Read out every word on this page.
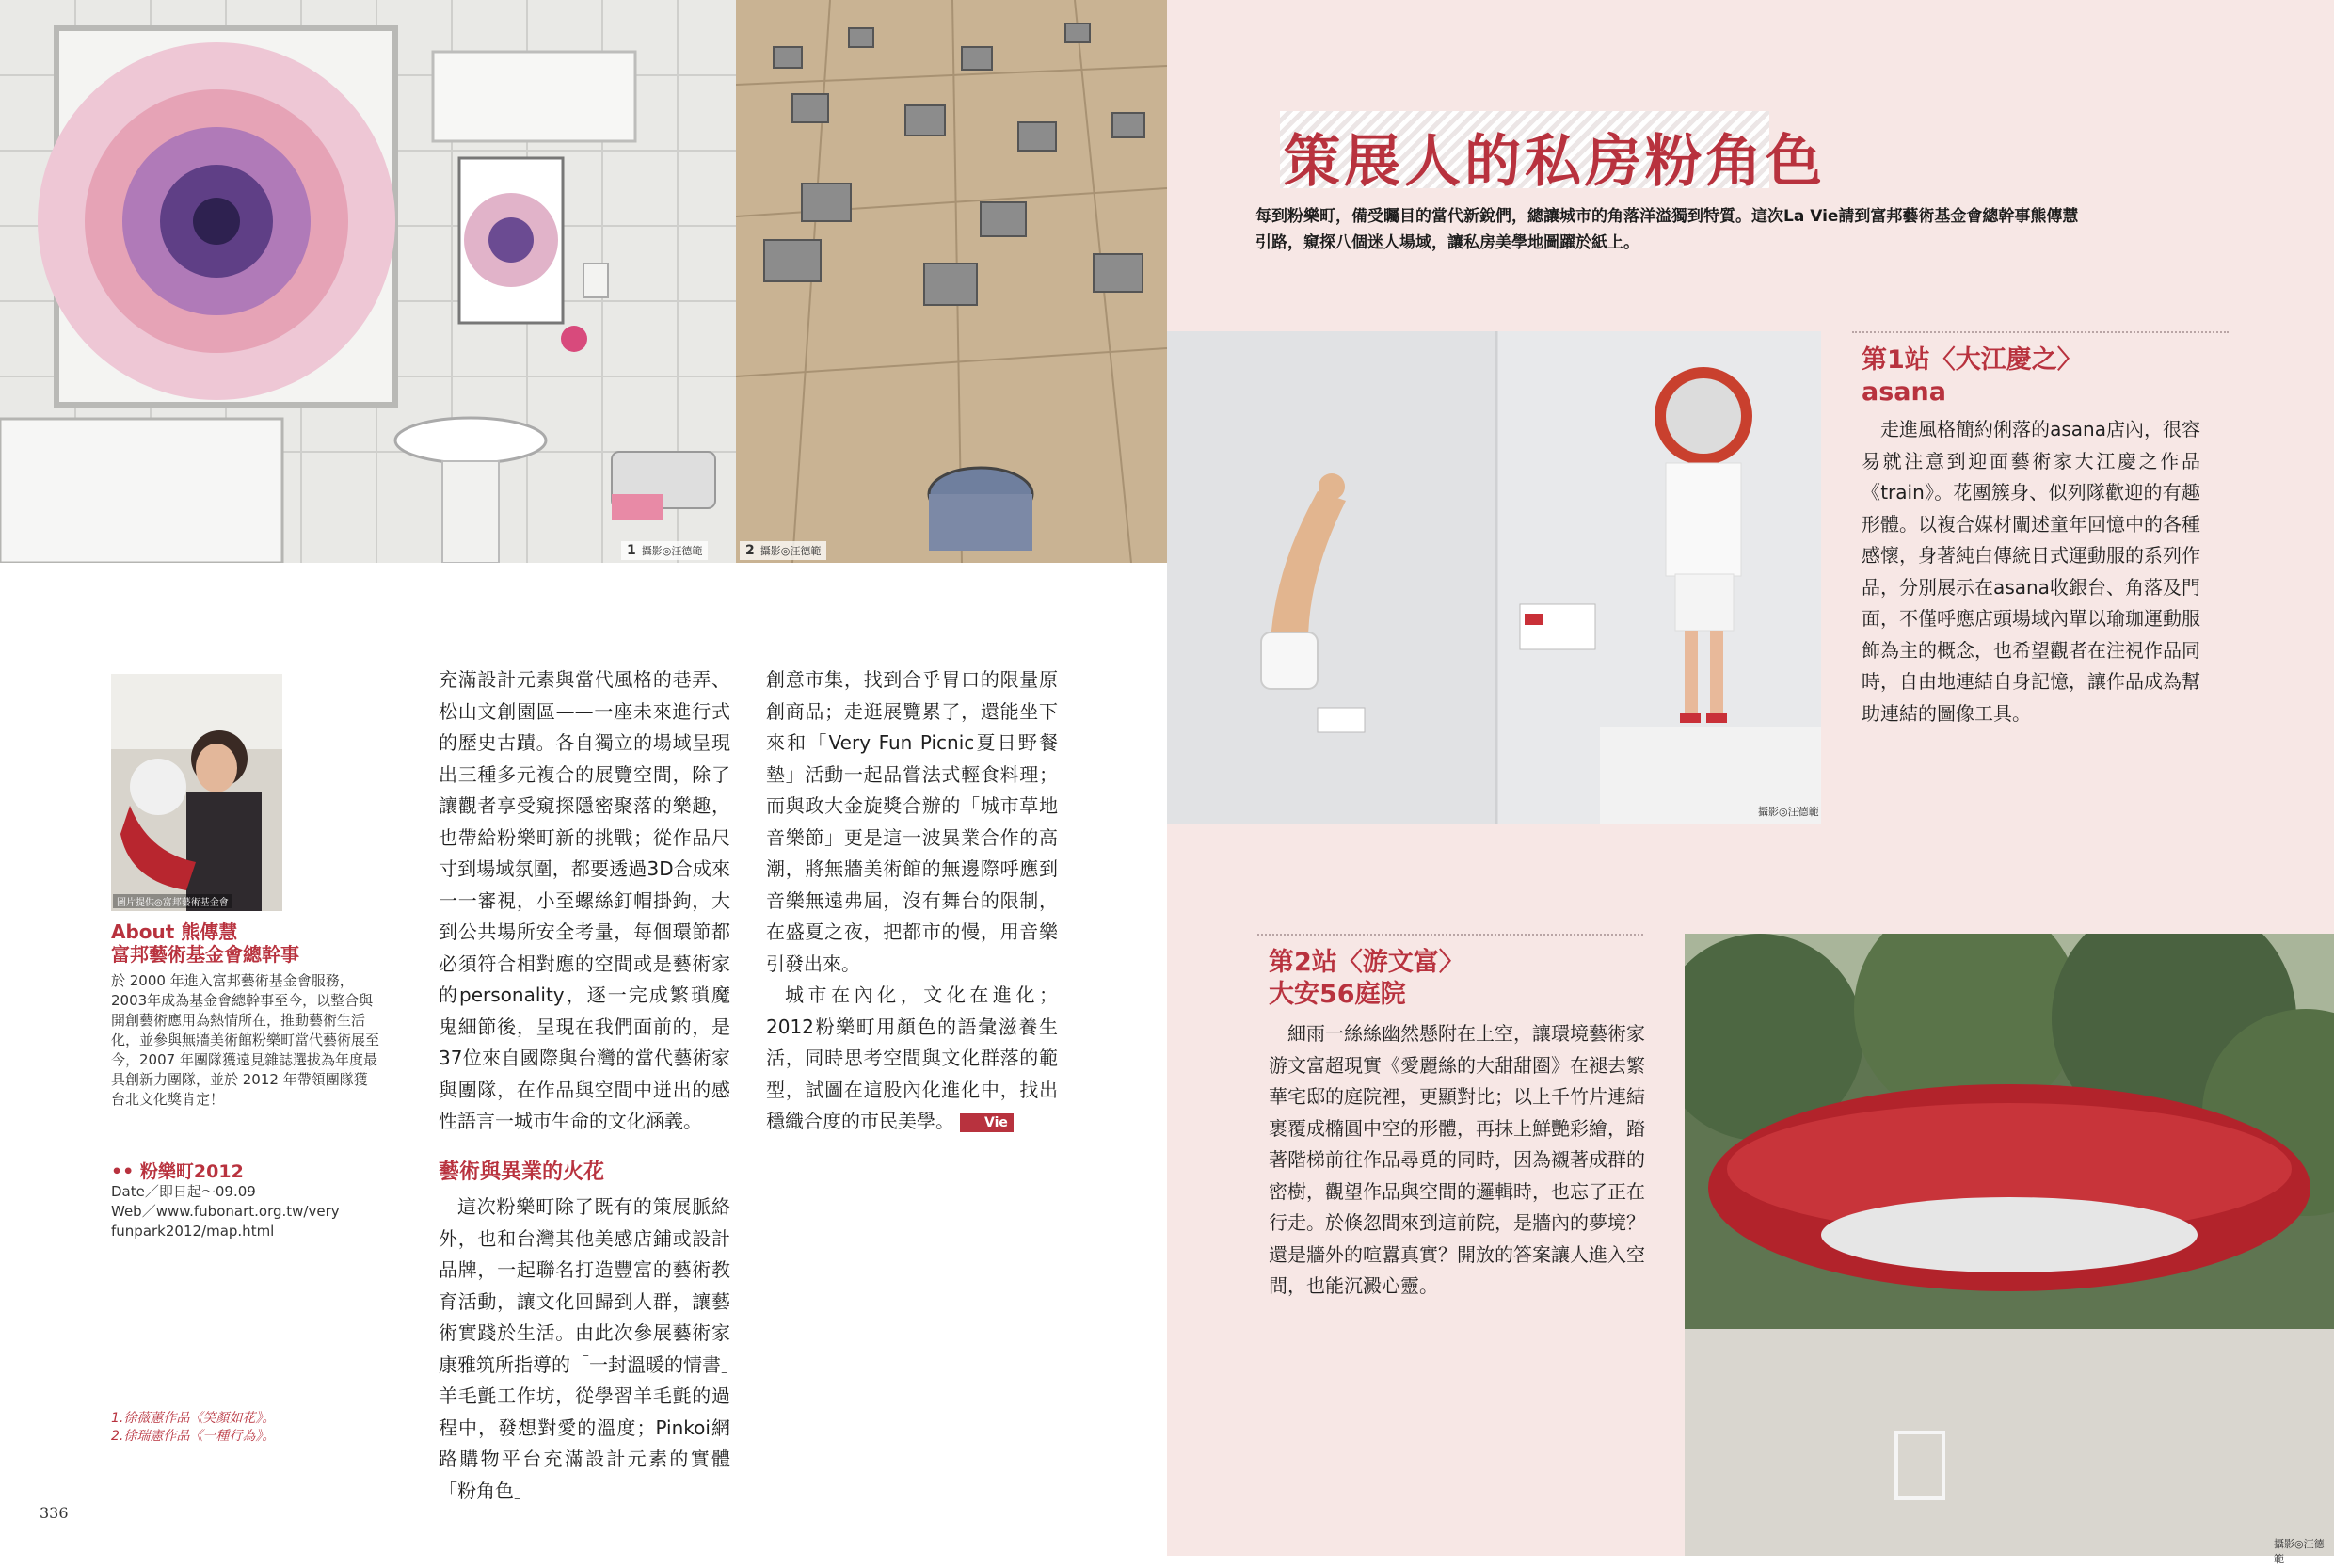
1 攝影◎汪德範	2 攝影◎汪德範
策展人的私房粉角色
每到粉樂町，備受矚目的當代新銳們，總讓城市的角落洋溢獨到特質。這次La Vie請到富邦藝術基金會總幹事熊傳慧引路，窺探八個迷人場域，讓私房美學地圖躍於紙上。
攝影◎汪德範
第1站〈大江慶之〉
asana

走進風格簡約俐落的asana店內，很容易就注意到迎面藝術家大江慶之作品《train》。花團簇身、似列隊歡迎的有趣形體。以複合媒材闡述童年回憶中的各種感懷，身著純白傳統日式運動服的系列作品，分別展示在asana收銀台、角落及門面，不僅呼應店頭場域內單以瑜珈運動服飾為主的概念，也希望觀者在注視作品同時，自由地連結自身記憶，讓作品成為幫助連結的圖像工具。

第2站〈游文富〉
大安56庭院

細雨一絲絲幽然懸附在上空，讓環境藝術家游文富超現實《愛麗絲的大甜甜圈》在褪去繁華宅邸的庭院裡，更顯對比；以上千竹片連結裹覆成橢圓中空的形體，再抹上鮮艷彩繪，踏著階梯前往作品尋覓的同時，因為襯著成群的密樹，觀望作品與空間的邏輯時，也忘了正在行走。於倏忽間來到這前院，是牆內的夢境？還是牆外的喧囂真實？開放的答案讓人進入空間，也能沉澱心靈。

攝影◎汪德範
圖片提供◎富邦藝術基金會
About 熊傳慧
富邦藝術基金會總幹事
於 2000 年進入富邦藝術基金會服務，2003年成為基金會總幹事至今，以整合與開創藝術應用為熱情所在，推動藝術生活化，並參與無牆美術館粉樂町當代藝術展至今，2007 年團隊獲遠見雜誌選拔為年度最具創新力團隊，並於 2012 年帶領團隊獲台北文化獎肯定！
•• 粉樂町2012
Date／即日起～09.09
Web／www.fubonart.org.tw/very
funpark2012/map.html
1.徐薇蕙作品《笑顏如花》。
2.徐瑞憲作品《一種行為》。
336

充滿設計元素與當代風格的巷弄、松山文創園區——一座未來進行式的歷史古蹟。各自獨立的場域呈現出三種多元複合的展覽空間，除了讓觀者享受窺探隱密聚落的樂趣，也帶給粉樂町新的挑戰；從作品尺寸到場域氛圍，都要透過3D合成來一一審視，小至螺絲釘帽掛鉤，大到公共場所安全考量，每個環節都必須符合相對應的空間或是藝術家的personality，逐一完成繁瑣魔鬼細節後，呈現在我們面前的，是37位來自國際與台灣的當代藝術家與團隊，在作品與空間中迸出的感性語言一城市生命的文化涵義。

藝術與異業的火花

這次粉樂町除了既有的策展脈絡外，也和台灣其他美感店鋪或設計品牌，一起聯名打造豐富的藝術教育活動，讓文化回歸到人群，讓藝術實踐於生活。由此次參展藝術家康雅筑所指導的「一封溫暖的情書」羊毛氈工作坊，從學習羊毛氈的過程中，發想對愛的溫度；Pinkoi網路購物平台充滿設計元素的實體「粉角色」

創意市集，找到合乎胃口的限量原創商品；走逛展覽累了，還能坐下來和「Very Fun Picnic夏日野餐墊」活動一起品嘗法式輕食料理；而與政大金旋獎合辦的「城市草地音樂節」更是這一波異業合作的高潮，將無牆美術館的無邊際呼應到音樂無遠弗屆，沒有舞台的限制，在盛夏之夜，把都市的慢，用音樂引發出來。

城市在內化，文化在進化；2012粉樂町用顏色的語彙滋養生活，同時思考空間與文化群落的範型，試圖在這股內化進化中，找出穩織合度的市民美學。 Vie
